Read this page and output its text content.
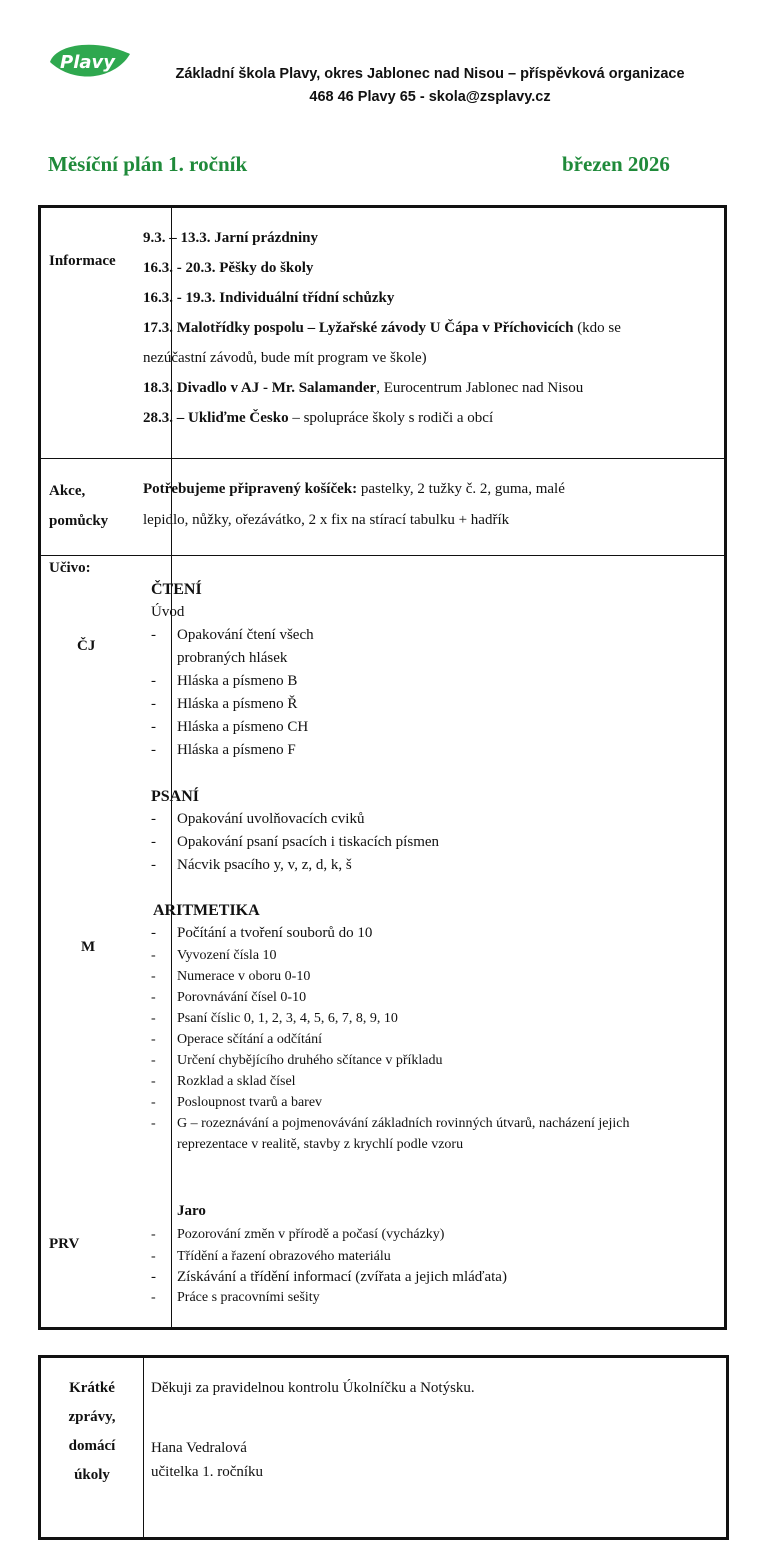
Plavy
Základní škola Plavy, okres Jablonec nad Nisou – příspěvková organizace
468 46 Plavy 65 - skola@zsplavy.cz
Měsíční plán 1. ročník	březen 2026
Informace
9.3. – 13.3. Jarní prázdniny
16.3. - 20.3. Pěšky do školy
16.3. - 19.3. Individuální třídní schůzky
17.3. Malotřídky pospolu – Lyžařské závody U Čápa v Příchovicích (kdo se
nezúčastní závodů, bude mít program ve škole)
18.3. Divadlo v AJ - Mr. Salamander, Eurocentrum Jablonec nad Nisou
28.3. – Ukliďme Česko – spolupráce školy s rodiči a obcí
Akce,
pomůcky
Potřebujeme připravený košíček: pastelky, 2 tužky č. 2, guma, malé
lepidlo, nůžky, ořezávátko, 2 x fix na stírací tabulku + hadřík
Učivo:
ČJ
M
PRV
ČTENÍ
Úvod
- Opakování čtení všech
probraných hlásek
- Hláska a písmeno B
- Hláska a písmeno Ř
- Hláska a písmeno CH
- Hláska a písmeno F
PSANÍ
- Opakování uvolňovacích cviků
- Opakování psaní psacích i tiskacích písmen
- Nácvik psacího y, v, z, d, k, š
ARITMETIKA
- Počítání a tvoření souborů do 10
- Vyvození čísla 10
- Numerace v oboru 0-10
- Porovnávání čísel 0-10
- Psaní číslic 0, 1, 2, 3, 4, 5, 6, 7, 8, 9, 10
- Operace sčítání a odčítání
- Určení chybějícího druhého sčítance v příkladu
- Rozklad a sklad čísel
- Posloupnost tvarů a barev
- G – rozeznávání a pojmenovávání základních rovinných útvarů, nacházení jejich
reprezentace v realitě, stavby z krychlí podle vzoru
Jaro
- Pozorování změn v přírodě a počasí (vycházky)
- Třídění a řazení obrazového materiálu
- Získávání a třídění informací (zvířata a jejich mláďata)
- Práce s pracovními sešity
Krátké
zprávy,
domácí
úkoly
Děkuji za pravidelnou kontrolu Úkolníčku a Notýsku.
Hana Vedralová
učitelka 1. ročníku
